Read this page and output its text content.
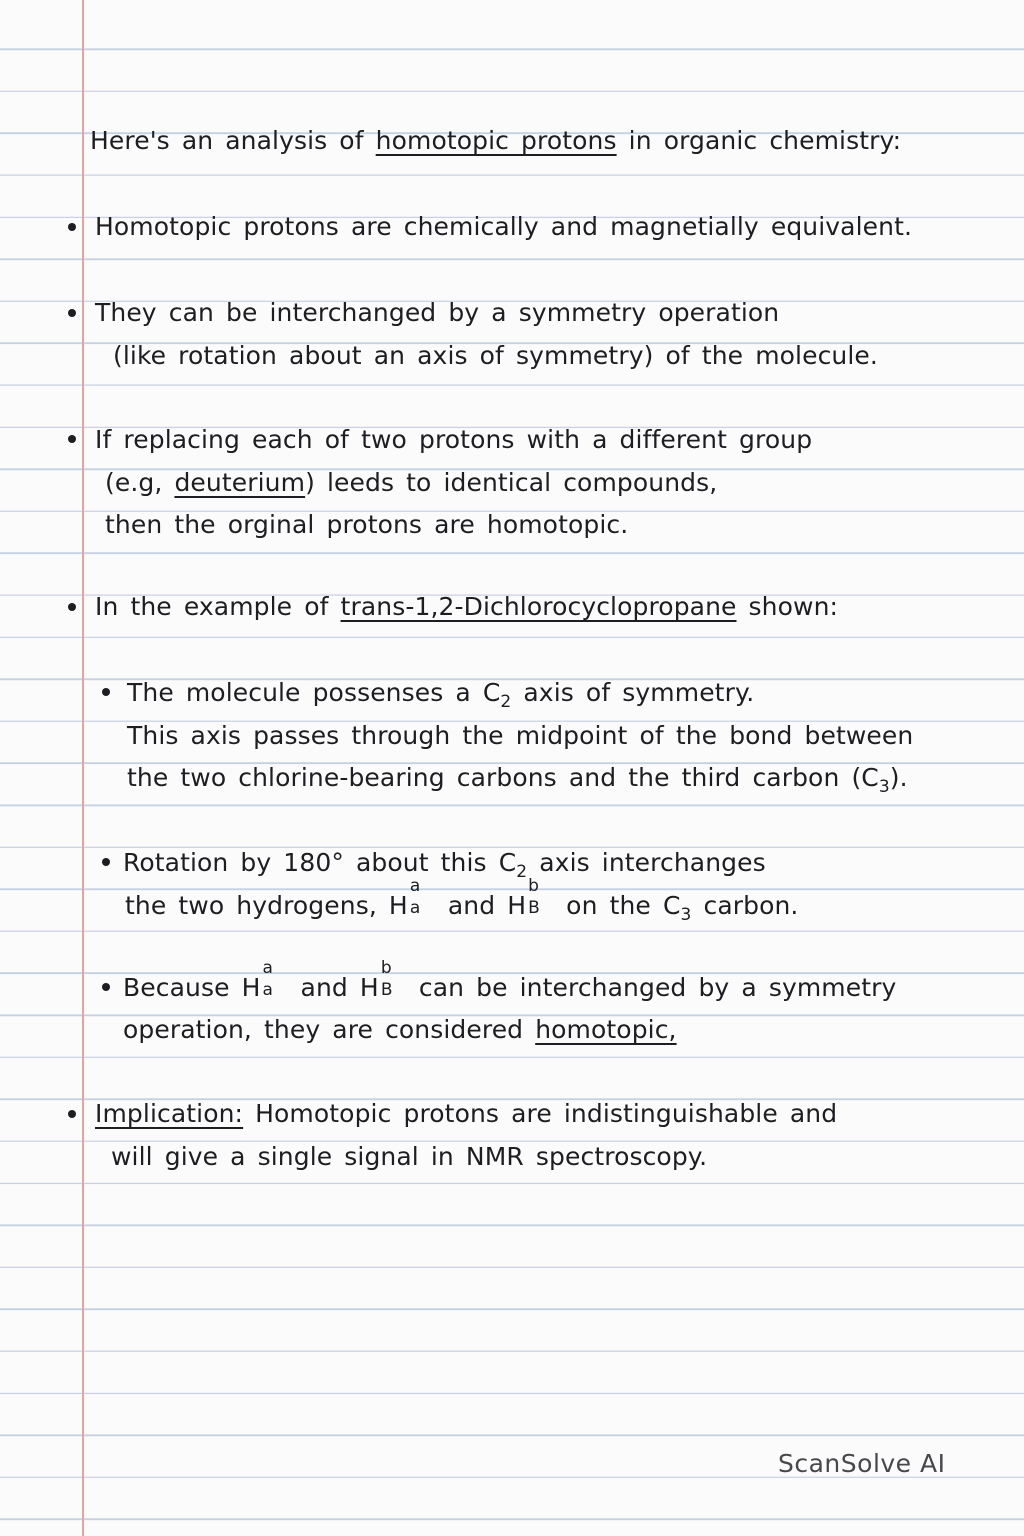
Here's an analysis of homotopic protons in organic chemistry:
Homotopic protons are chemically and magnetially equivalent.
They can be interchanged by a symmetry operation
(like rotation about an axis of symmetry) of the molecule.
If replacing each of two protons with a different group
(e.g, deuterium) leeds to identical compounds,
then the orginal protons are homotopic.
In the example of trans-1,2-Dichlorocyclopropane shown:
The molecule possenses a $C_2$ axis of symmetry.
This axis passes through the midpoint of the bond between
the two chlorine-bearing carbons and the third carbon $(C_3)$.
Rotation by 180° about this $C_2$ axis interchanges
the two hydrogens, H
a
a and H
b
B on the $C_3$ carbon.
Because H
a
a and H
b
B can be interchanged by a symmetry
operation, they are considered homotopic,
Implication: Homotopic protons are indistinguishable and
will give a single signal in NMR spectroscopy.
ScanSolve AI
